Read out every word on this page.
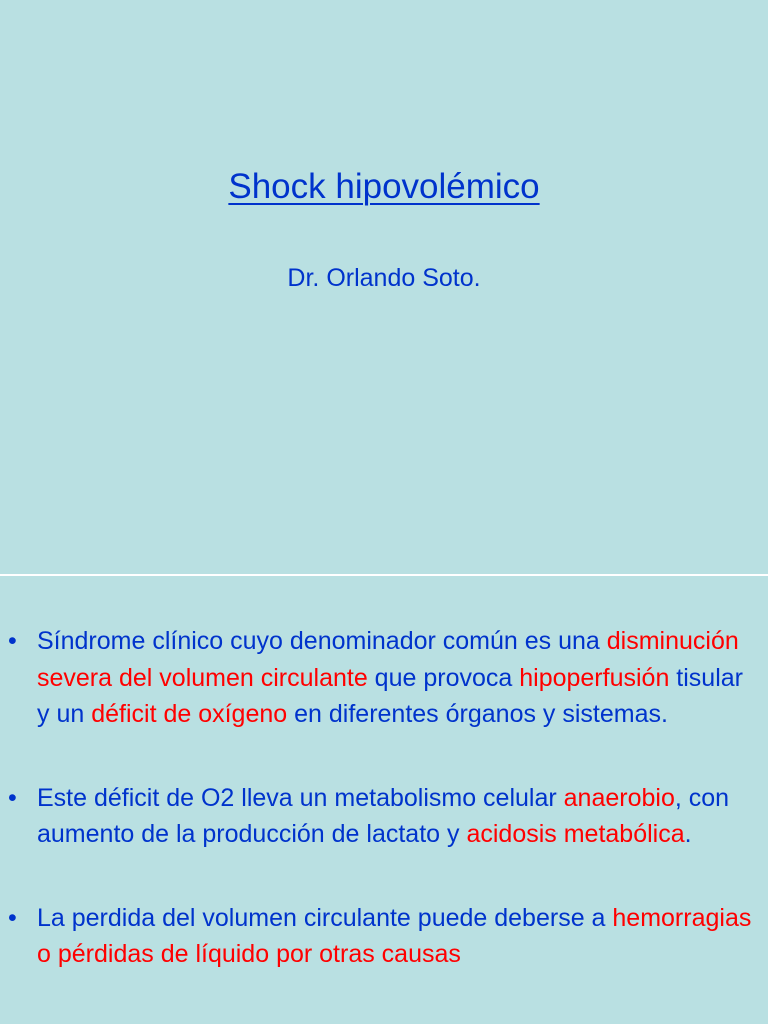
Shock hipovolémico
Dr. Orlando Soto.
• Síndrome clínico cuyo denominador común es una disminución severa del volumen circulante que provoca hipoperfusión tisular y un déficit de oxígeno en diferentes órganos y sistemas.
• Este déficit de O2 lleva un metabolismo celular anaerobio, con aumento de la producción de lactato y acidosis metabólica.
• La perdida del volumen circulante puede deberse a hemorragias o pérdidas de líquido por otras causas
